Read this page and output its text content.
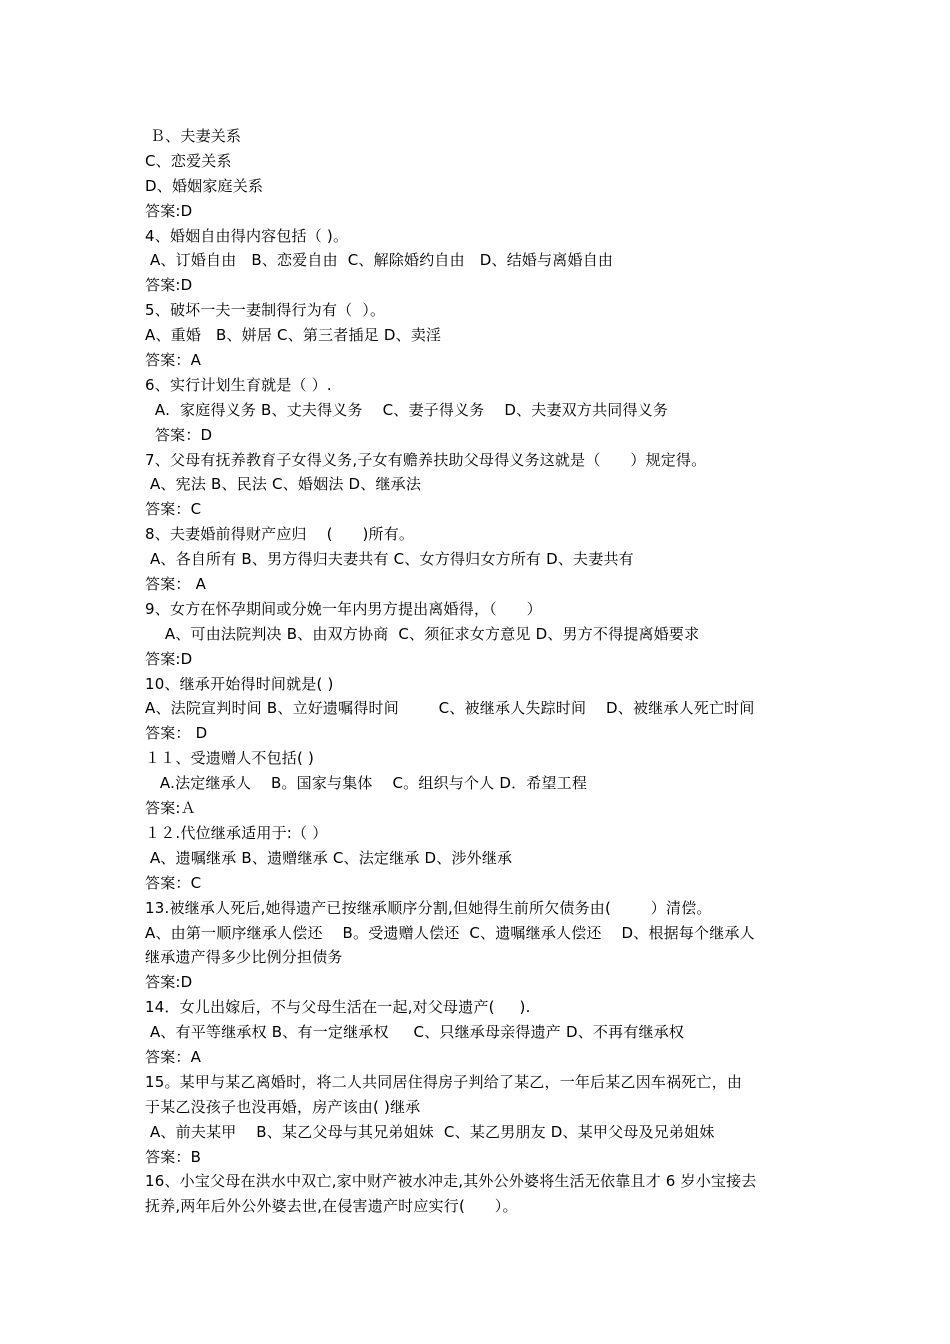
Ｂ、夫妻关系
C、恋爱关系
D、婚姻家庭关系
答案:D
4、婚姻自由得内容包括（ )。
A、订婚自由   B、恋爱自由  C、解除婚约自由   D、结婚与离婚自由
答案:D
5、破坏一夫一妻制得行为有（  ）。
A、重婚   B、姘居 C、第三者插足 D、卖淫
答案：A
6、实行计划生育就是（ ）.
A.  家庭得义务 B、丈夫得义务    C、妻子得义务    D、夫妻双方共同得义务
答案：D
7、父母有抚养教育子女得义务,子女有赡养扶助父母得义务这就是（      ）规定得。
A、宪法 B、民法 C、婚姻法 D、继承法
答案：C
8、夫妻婚前得财产应归    (      )所有。
A、各自所有 B、男方得归夫妻共有 C、女方得归女方所有 D、夫妻共有
答案： A
9、女方在怀孕期间或分娩一年内男方提出离婚得，（      ）
A、可由法院判决 B、由双方协商  C、须征求女方意见 D、男方不得提离婚要求
答案:D
10、继承开始得时间就是( )
A、法院宣判时间 B、立好遗嘱得时间        C、被继承人失踪时间    D、被继承人死亡时间
答案： D
１１、受遗赠人不包括( )
A.法定继承人    B。国家与集体    C。组织与个人 D．希望工程
答案:Ａ
１２.代位继承适用于:（ ）
A、遗嘱继承 B、遗赠继承 C、法定继承 D、涉外继承
答案：C
13.被继承人死后,她得遗产已按继承顺序分割,但她得生前所欠债务由(        ）清偿。
A、由第一顺序继承人偿还    B。受遗赠人偿还  C、遗嘱继承人偿还    D、根据每个继承人
继承遗产得多少比例分担债务
答案:D
14．女儿出嫁后，不与父母生活在一起,对父母遗产(     ).
A、有平等继承权 B、有一定继承权     C、只继承母亲得遗产 D、不再有继承权
答案：A
15。某甲与某乙离婚时，将二人共同居住得房子判给了某乙，一年后某乙因车祸死亡，由
于某乙没孩子也没再婚，房产该由( )继承
A、前夫某甲    B、某乙父母与其兄弟姐妹  C、某乙男朋友 D、某甲父母及兄弟姐妹
答案：B
16、小宝父母在洪水中双亡,家中财产被水冲走,其外公外婆将生活无依靠且才 6 岁小宝接去
抚养,两年后外公外婆去世,在侵害遗产时应实行(      ）。
